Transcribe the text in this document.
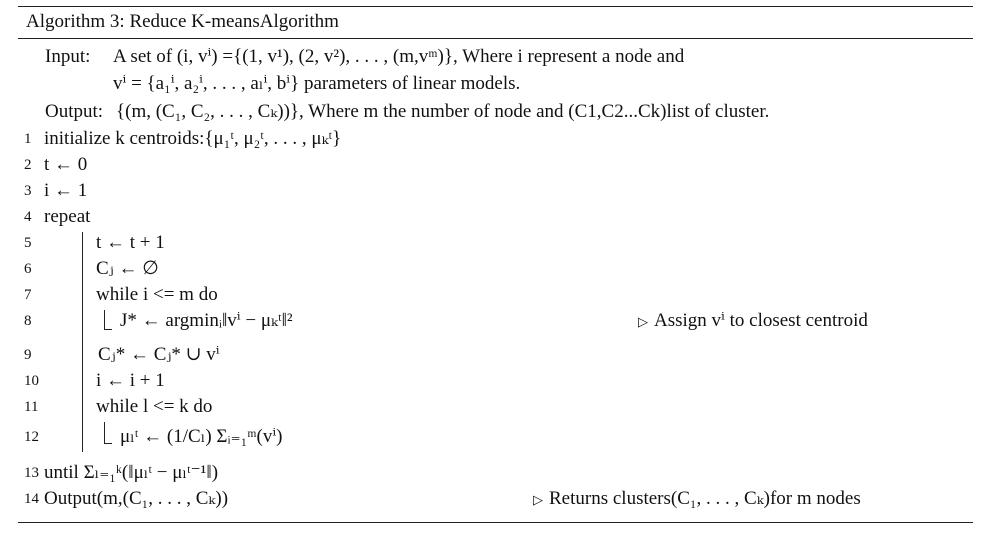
Algorithm 3: Reduce K-meansAlgorithm
Input: A set of (i, vⁱ) ={(1, v¹), (2, v²), . . . , (m,vᵐ)}, Where i represent a node and
vⁱ = {a₁ⁱ, a₂ⁱ, . . . , aₗⁱ, bⁱ} parameters of linear models.
Output: {(m, (C₁, C₂, . . . , Cₖ))}, Where m the number of node and (C1,C2...Ck)list of cluster.
1 initialize k centroids:{μ₁ᵗ, μ₂ᵗ, . . . , μₖᵗ}
2 t ← 0
3 i ← 1
4 repeat
5	t ← t + 1
6	Cⱼ ← ∅
7	while i <= m do
8	J* ← argminᵢ‖vⁱ − μₖᵗ‖²	▷ Assign vⁱ to closest centroid
9	Cⱼ* ← Cⱼ* ∪ vⁱ
10	i ← i + 1
11	while l <= k do
12	μₗᵗ ← (1/Cₗ) Σᵢ₌₁ᵐ(vⁱ)
13 until Σₗ₌₁ᵏ(‖μₗᵗ − μₗᵗ⁻¹‖)
14 Output(m,(C₁, . . . , Cₖ))	▷ Returns clusters(C₁, . . . , Cₖ)for m nodes
